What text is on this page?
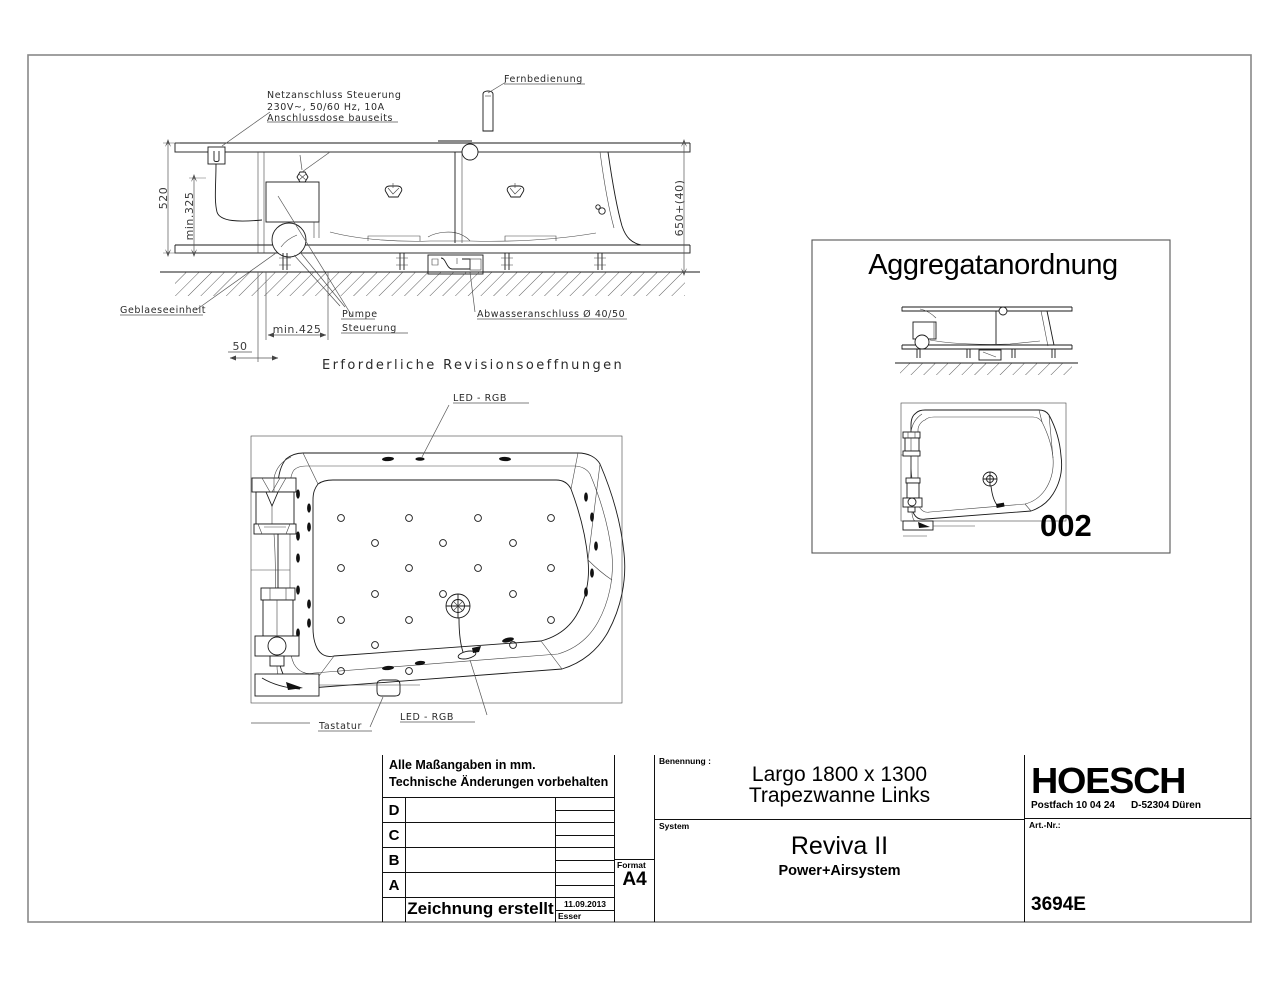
Netzanschluss Steuerung
230V~, 50/60 Hz, 10A
Anschlussdose bauseits
Fernbedienung
Geblaeseeinheit	Pumpe
Steuerung
Abwasseranschluss Ø 40/50
Erforderliche Revisionsoeffnungen
LED - RGB
LED - RGB
Tastatur
520 min.325	650+(40)
min.425
50
Aggregatanordnung
002
Alle Maßangaben in mm.
Technische Änderungen vorbehalten
D
C
B
A
Zeichnung erstellt	11.09.2013
Esser
Format
A4
Benennung :
Largo 1800 x 1300
Trapezwanne Links
System
Reviva II
Power+Airsystem
HOESCH
Postfach 10 04 24 D-52304 Düren
Art.-Nr.:
3694E
